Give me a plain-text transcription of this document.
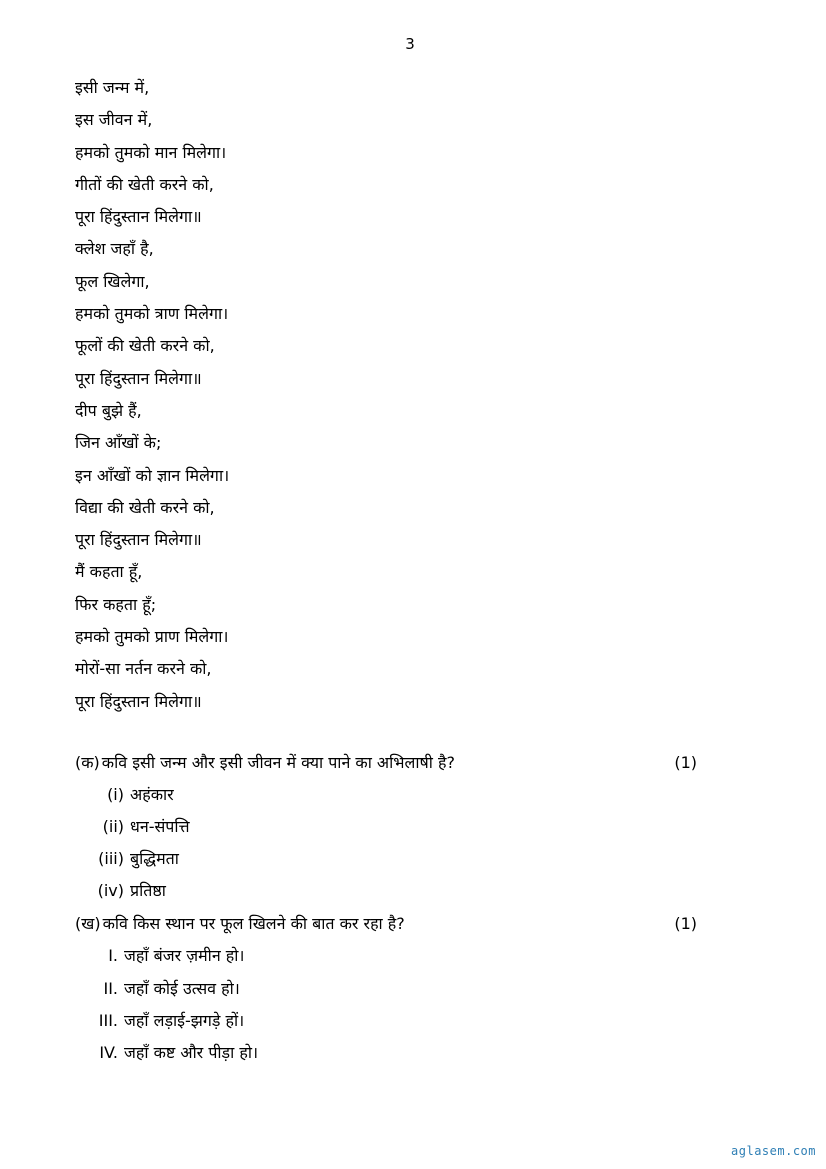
3
इसी जन्म में,
इस जीवन में,
हमको तुमको मान मिलेगा।
गीतों की खेती करने को,
पूरा हिंदुस्तान मिलेगा॥
क्लेश जहाँ है,
फूल खिलेगा,
हमको तुमको त्राण मिलेगा।
फूलों की खेती करने को,
पूरा हिंदुस्तान मिलेगा॥
दीप बुझे हैं,
जिन आँखों के;
इन आँखों को ज्ञान मिलेगा।
विद्या की खेती करने को,
पूरा हिंदुस्तान मिलेगा॥
मैं कहता हूँ,
फिर कहता हूँ;
हमको तुमको प्राण मिलेगा।
मोरों-सा नर्तन करने को,
पूरा हिंदुस्तान मिलेगा॥
(क) कवि इसी जन्म और इसी जीवन में क्या पाने का अभिलाषी है?	(1)
(i) अहंकार
(ii) धन-संपत्ति
(iii) बुद्धिमता
(iv) प्रतिष्ठा
(ख) कवि किस स्थान पर फूल खिलने की बात कर रहा है?	(1)
I. जहाँ बंजर ज़मीन हो।
II. जहाँ कोई उत्सव हो।
III. जहाँ लड़ाई-झगड़े हों।
IV. जहाँ कष्ट और पीड़ा हो।
aglasem.com
